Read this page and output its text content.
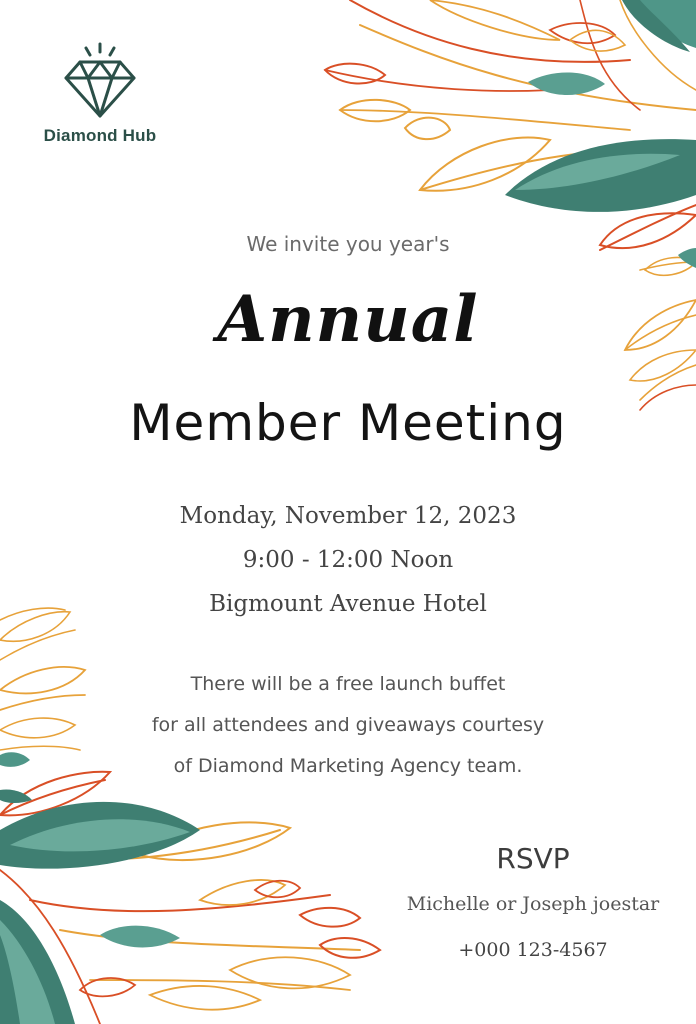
Diamond Hub
We invite you year's
Annual
Member Meeting
Monday, November 12, 2023
9:00 - 12:00 Noon
Bigmount Avenue Hotel
There will be a free launch buffet
for all attendees and giveaways courtesy
of Diamond Marketing Agency team.
RSVP
Michelle or Joseph joestar
+000 123-4567
